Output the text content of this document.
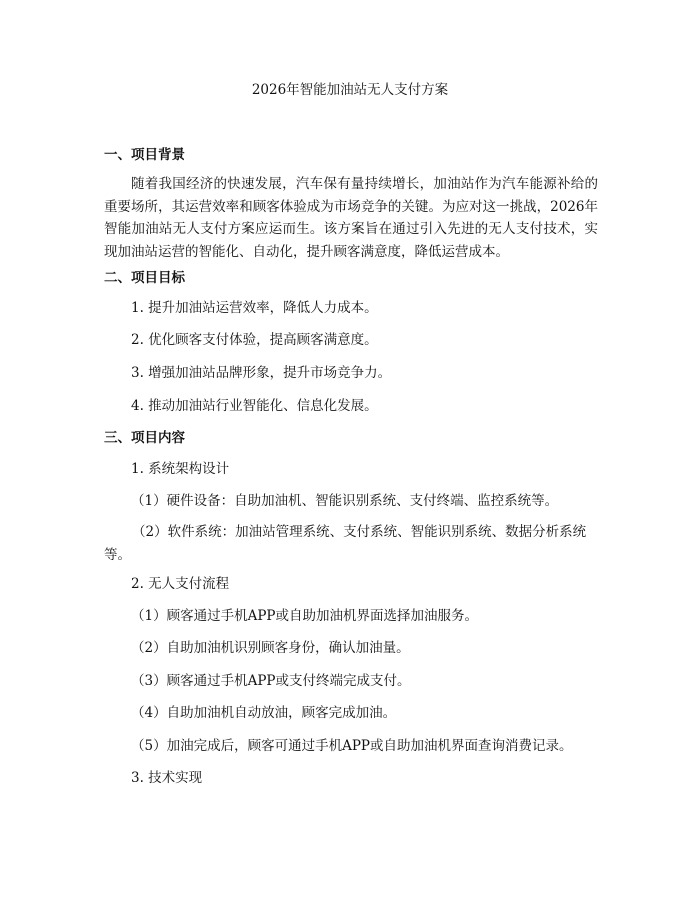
2026年智能加油站无人支付方案
一、项目背景

随着我国经济的快速发展，汽车保有量持续增长，加油站作为汽车能源补给的重要场所，其运营效率和顾客体验成为市场竞争的关键。为应对这一挑战，2026年智能加油站无人支付方案应运而生。该方案旨在通过引入先进的无人支付技术，实现加油站运营的智能化、自动化，提升顾客满意度，降低运营成本。

二、项目目标
1. 提升加油站运营效率，降低人力成本。
2. 优化顾客支付体验，提高顾客满意度。
3. 增强加油站品牌形象，提升市场竞争力。
4. 推动加油站行业智能化、信息化发展。
三、项目内容
1. 系统架构设计
（1）硬件设备：自助加油机、智能识别系统、支付终端、监控系统等。

（2）软件系统：加油站管理系统、支付系统、智能识别系统、数据分析系统等。

2. 无人支付流程
（1）顾客通过手机APP或自助加油机界面选择加油服务。
（2）自助加油机识别顾客身份，确认加油量。
（3）顾客通过手机APP或支付终端完成支付。
（4）自助加油机自动放油，顾客完成加油。
（5）加油完成后，顾客可通过手机APP或自助加油机界面查询消费记录。
3. 技术实现
